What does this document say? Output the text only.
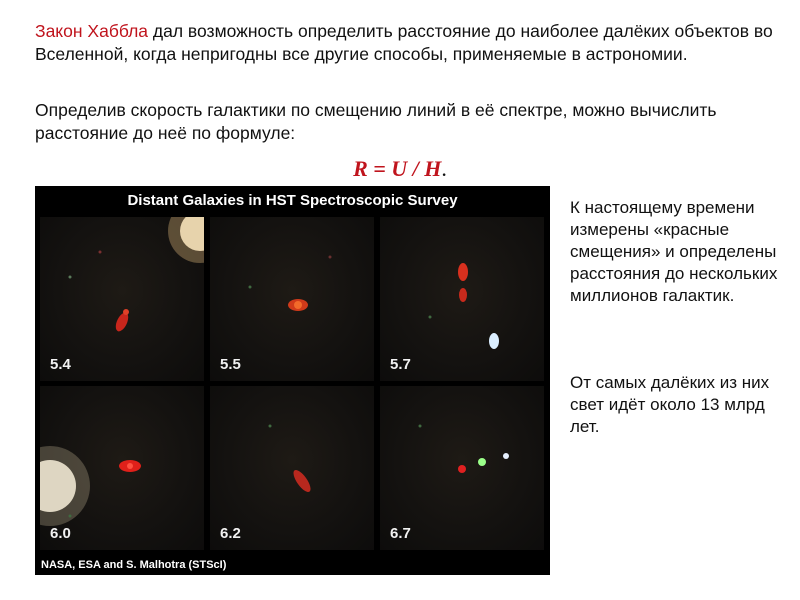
Закон Хаббла дал возможность определить расстояние до наиболее далёких объектов во Вселенной, когда непригодны все другие способы, применяемые в астрономии.

Определив скорость галактики по смещению линий в её спектре, можно вычислить расстояние до неё по формуле:

R = U / H.
Distant Galaxies in HST Spectroscopic Survey
5.4	5.5	5.7
6.0	6.2	6.7
NASA, ESA and S. Malhotra (STScI)

К настоящему времени измерены «красные смещения» и определены расстояния до нескольких миллионов галактик.

От самых далёких из них свет идёт около 13 млрд лет.
